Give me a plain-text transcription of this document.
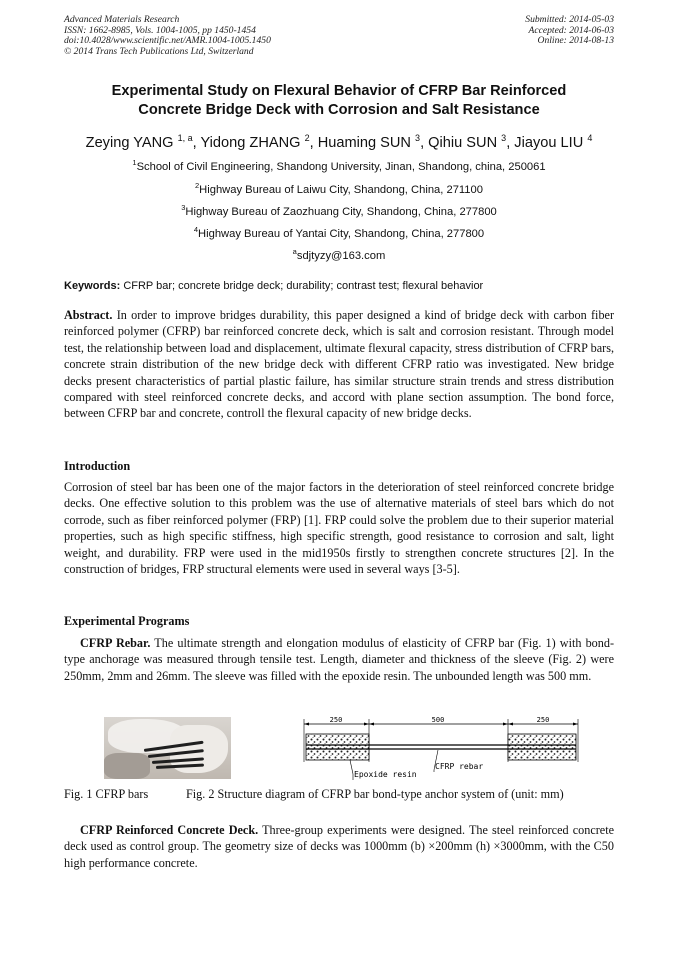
Advanced Materials Research
ISSN: 1662-8985, Vols. 1004-1005, pp 1450-1454
doi:10.4028/www.scientific.net/AMR.1004-1005.1450
© 2014 Trans Tech Publications Ltd, Switzerland
Submitted: 2014-05-03
Accepted: 2014-06-03
Online: 2014-08-13
Experimental Study on Flexural Behavior of CFRP Bar Reinforced
Concrete Bridge Deck with Corrosion and Salt Resistance
Zeying YANG $^{1, a}$, Yidong ZHANG $^2$, Huaming SUN $^3$, Qihiu SUN $^3$, Jiayou LIU $^4$
$^1$School of Civil Engineering, Shandong University, Jinan, Shandong, china, 250061
$^2$Highway Bureau of Laiwu City, Shandong, China, 271100
$^3$Highway Bureau of Zaozhuang City, Shandong, China, 277800
$^4$Highway Bureau of Yantai City, Shandong, China, 277800
$^a$sdjtyzy@163.com
Keywords: CFRP bar; concrete bridge deck; durability; contrast test; flexural behavior
Abstract. In order to improve bridges durability, this paper designed a kind of bridge deck with carbon fiber reinforced polymer (CFRP) bar reinforced concrete deck, which is salt and corrosion resistant. Through model test, the relationship between load and displacement, ultimate flexural capacity, stress distribution of CFRP bars, concrete strain distribution of the new bridge deck with different CFRP ratio was investigated. New bridge decks present characteristics of partial plastic failure, has similar structure strain trends and stress distribution compared with steel reinforced concrete decks, and accord with plane section assumption. The bond force, between CFRP bar and concrete, controll the flexural capacity of new bridge decks.
Introduction
Corrosion of steel bar has been one of the major factors in the deterioration of steel reinforced concrete bridge decks. One effective solution to this problem was the use of alternative materials of steel bars which do not corrode, such as fiber reinforced polymer (FRP) [1]. FRP could solve the problem due to their superior material properties, such as high specific stiffness, high specific strength, good resistance to corrosion and salt, light weight, and durability. FRP were used in the mid1950s firstly to strengthen concrete structures [2]. In the construction of bridges, FRP structural elements were used in several ways [3-5].
Experimental Programs
CFRP Rebar. The ultimate strength and elongation modulus of elasticity of CFRP bar (Fig. 1) with bond-type anchorage was measured through tensile test. Length, diameter and thickness of the sleeve (Fig. 2) were 250mm, 2mm and 26mm. The sleeve was filled with the epoxide resin. The unbounded length was 500 mm.
250	500	250
Epoxide resin
CFRP rebar
Fig. 1 CFRP bars	Fig. 2 Structure diagram of CFRP bar bond-type anchor system of (unit: mm)
CFRP Reinforced Concrete Deck. Three-group experiments were designed. The steel reinforced concrete deck used as control group. The geometry size of decks was 1000mm (b) ×200mm (h) ×3000mm, with the C50 high performance concrete.
